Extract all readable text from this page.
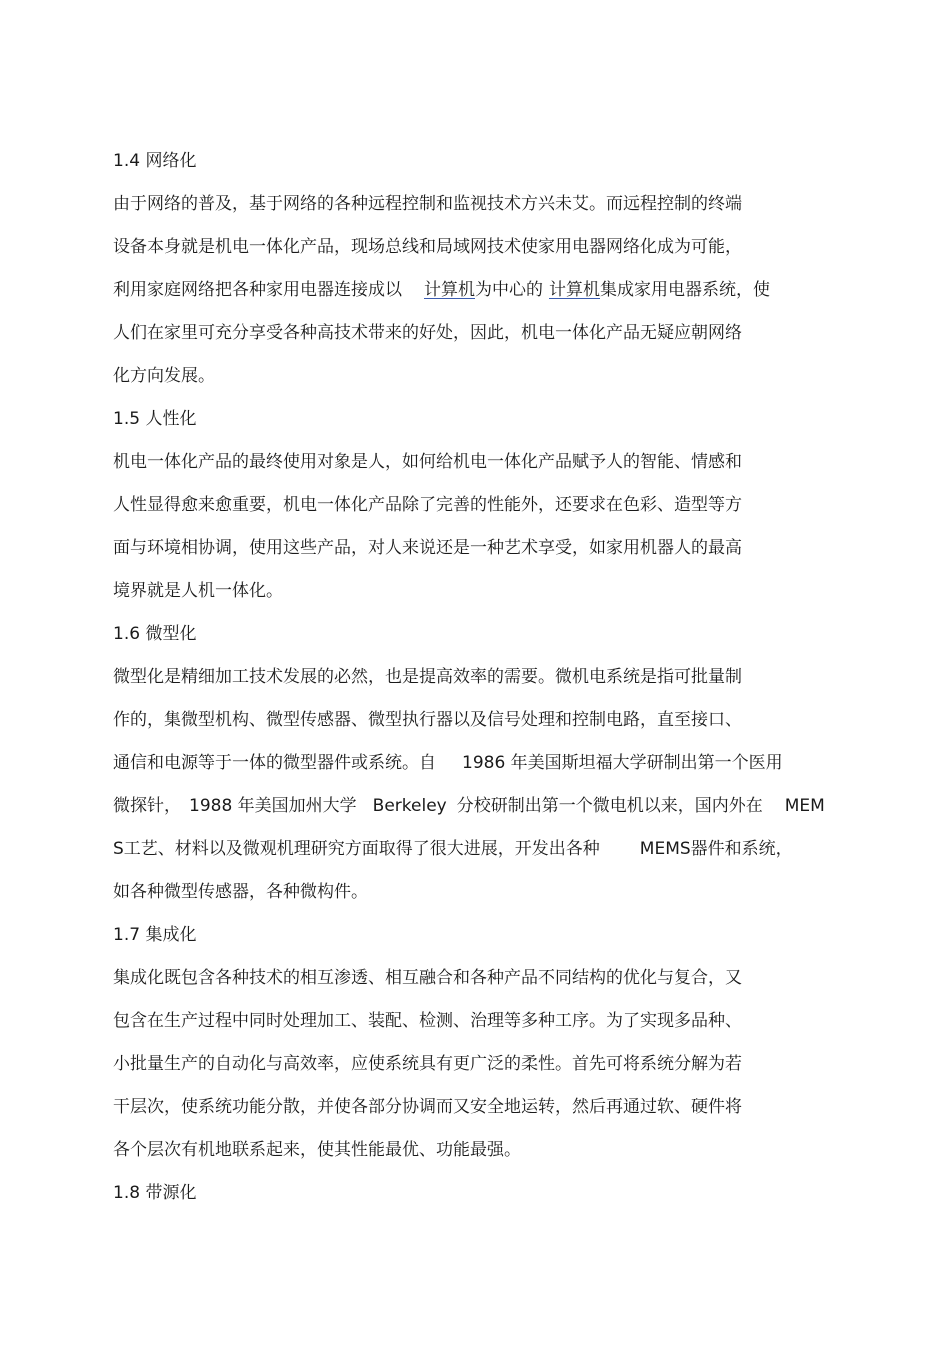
1.4 网络化
由于网络的普及，基于网络的各种远程控制和监视技术方兴未艾。而远程控制的终端
设备本身就是机电一体化产品，现场总线和局域网技术使家用电器网络化成为可能，
利用家庭网络把各种家用电器连接成以 计算机为中心的 计算机集成家用电器系统，使
人们在家里可充分享受各种高技术带来的好处，因此，机电一体化产品无疑应朝网络
化方向发展。
1.5 人性化
机电一体化产品的最终使用对象是人，如何给机电一体化产品赋予人的智能、情感和
人性显得愈来愈重要，机电一体化产品除了完善的性能外，还要求在色彩、造型等方
面与环境相协调，使用这些产品，对人来说还是一种艺术享受，如家用机器人的最高
境界就是人机一体化。
1.6 微型化
微型化是精细加工技术发展的必然，也是提高效率的需要。微机电系统是指可批量制
作的，集微型机构、微型传感器、微型执行器以及信号处理和控制电路，直至接口、
通信和电源等于一体的微型器件或系统。自 1986 年美国斯坦福大学研制出第一个医用
微探针， 1988 年美国加州大学 Berkeley 分校研制出第一个微电机以来，国内外在 MEM
S工艺、材料以及微观机理研究方面取得了很大进展，开发出各种 MEMS器件和系统，
如各种微型传感器，各种微构件。
1.7 集成化
集成化既包含各种技术的相互渗透、相互融合和各种产品不同结构的优化与复合，又
包含在生产过程中同时处理加工、装配、检测、治理等多种工序。为了实现多品种、
小批量生产的自动化与高效率，应使系统具有更广泛的柔性。首先可将系统分解为若
干层次，使系统功能分散，并使各部分协调而又安全地运转，然后再通过软、硬件将
各个层次有机地联系起来，使其性能最优、功能最强。
1.8 带源化
